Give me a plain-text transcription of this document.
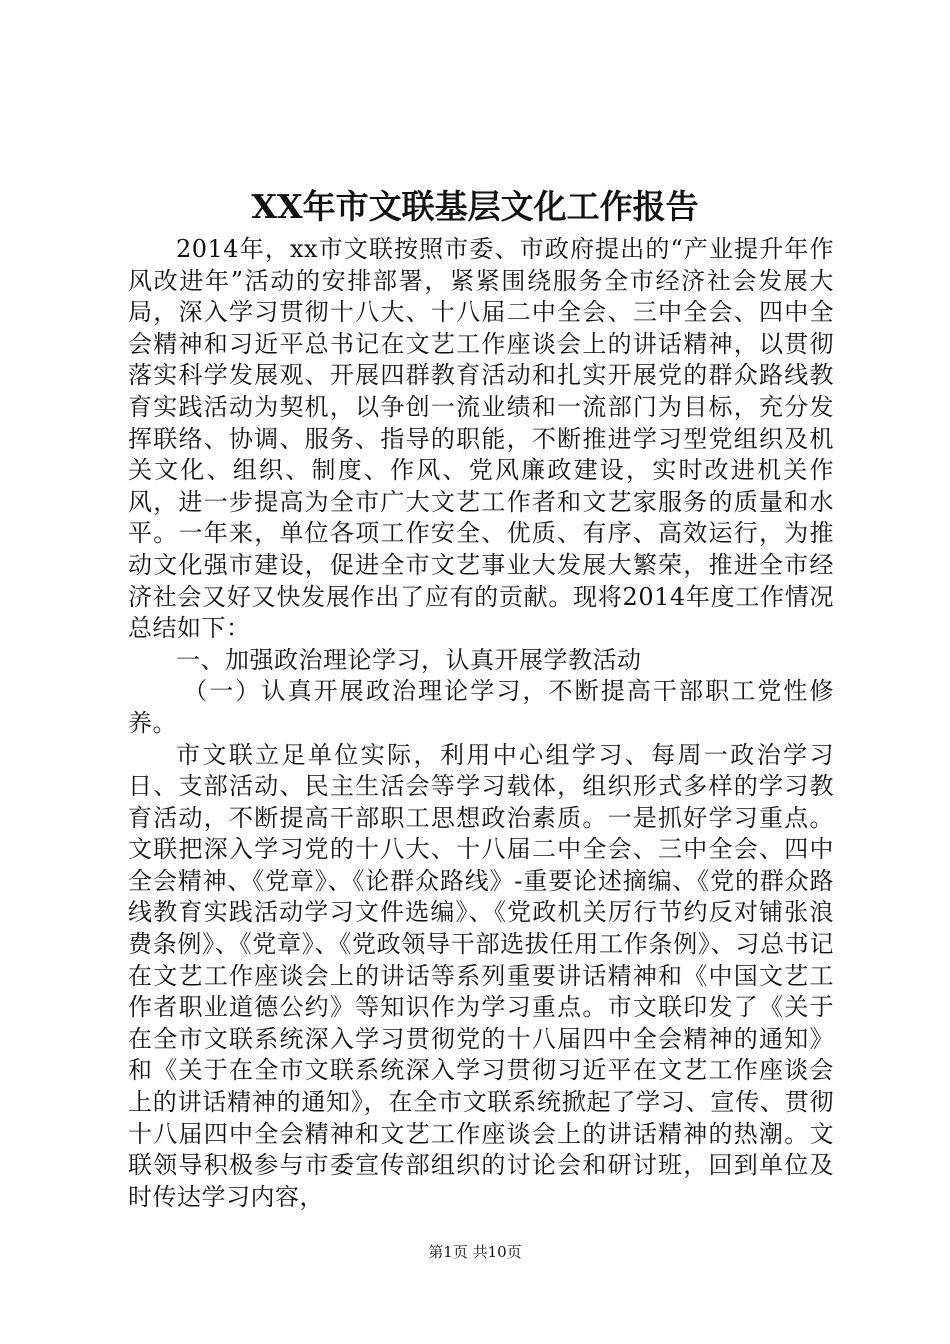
XX年市文联基层文化工作报告

2014年，xx市文联按照市委、市政府提出的“产业提升年作风改进年”活动的安排部署，紧紧围绕服务全市经济社会发展大局，深入学习贯彻十八大、十八届二中全会、三中全会、四中全会精神和习近平总书记在文艺工作座谈会上的讲话精神，以贯彻落实科学发展观、开展四群教育活动和扎实开展党的群众路线教育实践活动为契机，以争创一流业绩和一流部门为目标，充分发挥联络、协调、服务、指导的职能，不断推进学习型党组织及机关文化、组织、制度、作风、党风廉政建设，实时改进机关作风，进一步提高为全市广大文艺工作者和文艺家服务的质量和水平。一年来，单位各项工作安全、优质、有序、高效运行，为推动文化强市建设，促进全市文艺事业大发展大繁荣，推进全市经济社会又好又快发展作出了应有的贡献。现将2014年度工作情况总结如下：

一、加强政治理论学习，认真开展学教活动

（一）认真开展政治理论学习，不断提高干部职工党性修养。

市文联立足单位实际，利用中心组学习、每周一政治学习日、支部活动、民主生活会等学习载体，组织形式多样的学习教育活动，不断提高干部职工思想政治素质。一是抓好学习重点。文联把深入学习党的十八大、十八届二中全会、三中全会、四中全会精神、《党章》、《论群众路线》-重要论述摘编、《党的群众路线教育实践活动学习文件选编》、《党政机关厉行节约反对铺张浪费条例》、《党章》、《党政领导干部选拔任用工作条例》、习总书记在文艺工作座谈会上的讲话等系列重要讲话精神和《中国文艺工作者职业道德公约》等知识作为学习重点。市文联印发了《关于在全市文联系统深入学习贯彻党的十八届四中全会精神的通知》和《关于在全市文联系统深入学习贯彻习近平在文艺工作座谈会上的讲话精神的通知》，在全市文联系统掀起了学习、宣传、贯彻十八届四中全会精神和文艺工作座谈会上的讲话精神的热潮。文联领导积极参与市委宣传部组织的讨论会和研讨班，回到单位及时传达学习内容，

第1页 共10页
